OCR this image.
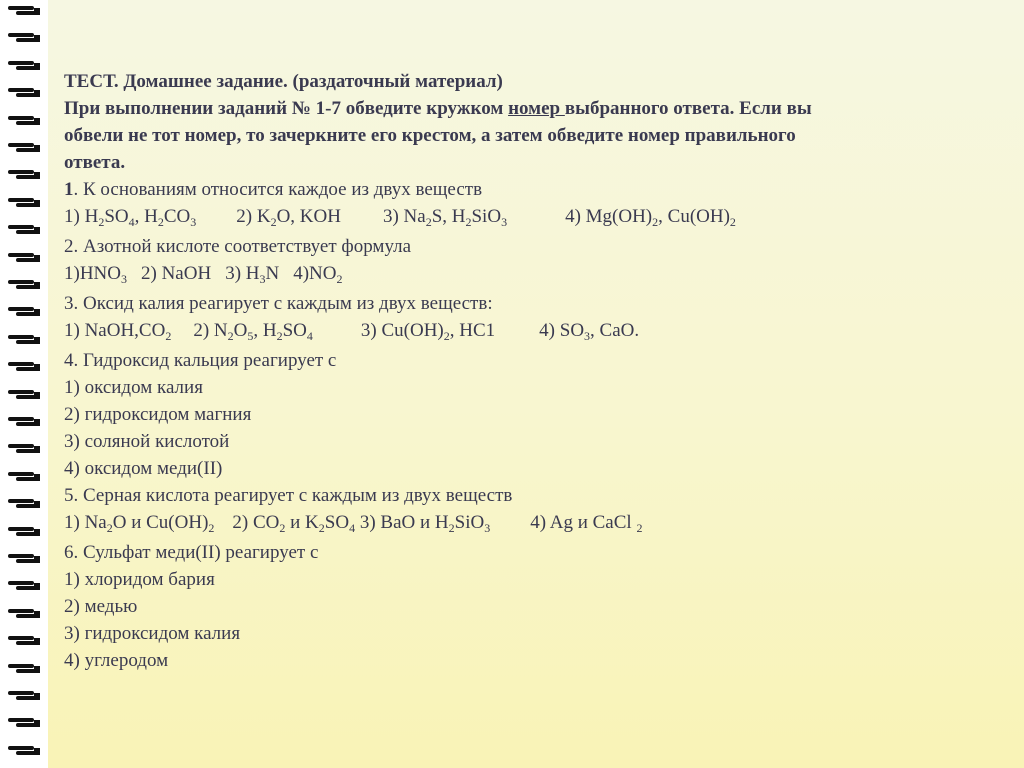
ТЕСТ. Домашнее задание. (раздаточный материал)
При выполнении заданий № 1-7 обведите кружком номер выбранного ответа. Если вы
обвели не тот номер, то зачеркните его крестом, а затем обведите номер правильного
ответа.
1. К основаниям относится каждое из двух веществ
1) $H_2SO_4$, $H_2CO_3$ 2) $K_2O$, KOH 3) $Na_2S$, $H_2SiO_3$	4) $Mg(OH)_2$, $Cu(OH)_2$
2. Азотной кислоте соответствует формула
$1)HNO_3$ 2) NaOH 3) $H_3N$ $4)NO_2$
3. Оксид калия реагирует с каждым из двух веществ:
1) $NaOH,CO_2$ 2) $N_2O_5$, $H_2SO_4$	3) $Cu(OH)_2$, HC1 4) $SO_3$, CaO.
4. Гидроксид кальция реагирует с
1) оксидом калия
2) гидроксидом магния
3) соляной кислотой
4) оксидом меди(II)
5. Серная кислота реагирует с каждым из двух веществ
1) $Na_2O$ и $Cu(OH)_2$ 2) $CO_2$ и $K_2SO_4$ 3) BaO и $H_2SiO_3$ 4) Ag и CaCl $_2$
6. Сульфат меди(II) реагирует с
1) хлоридом бария
2) медью
3) гидроксидом калия
4) углеродом
